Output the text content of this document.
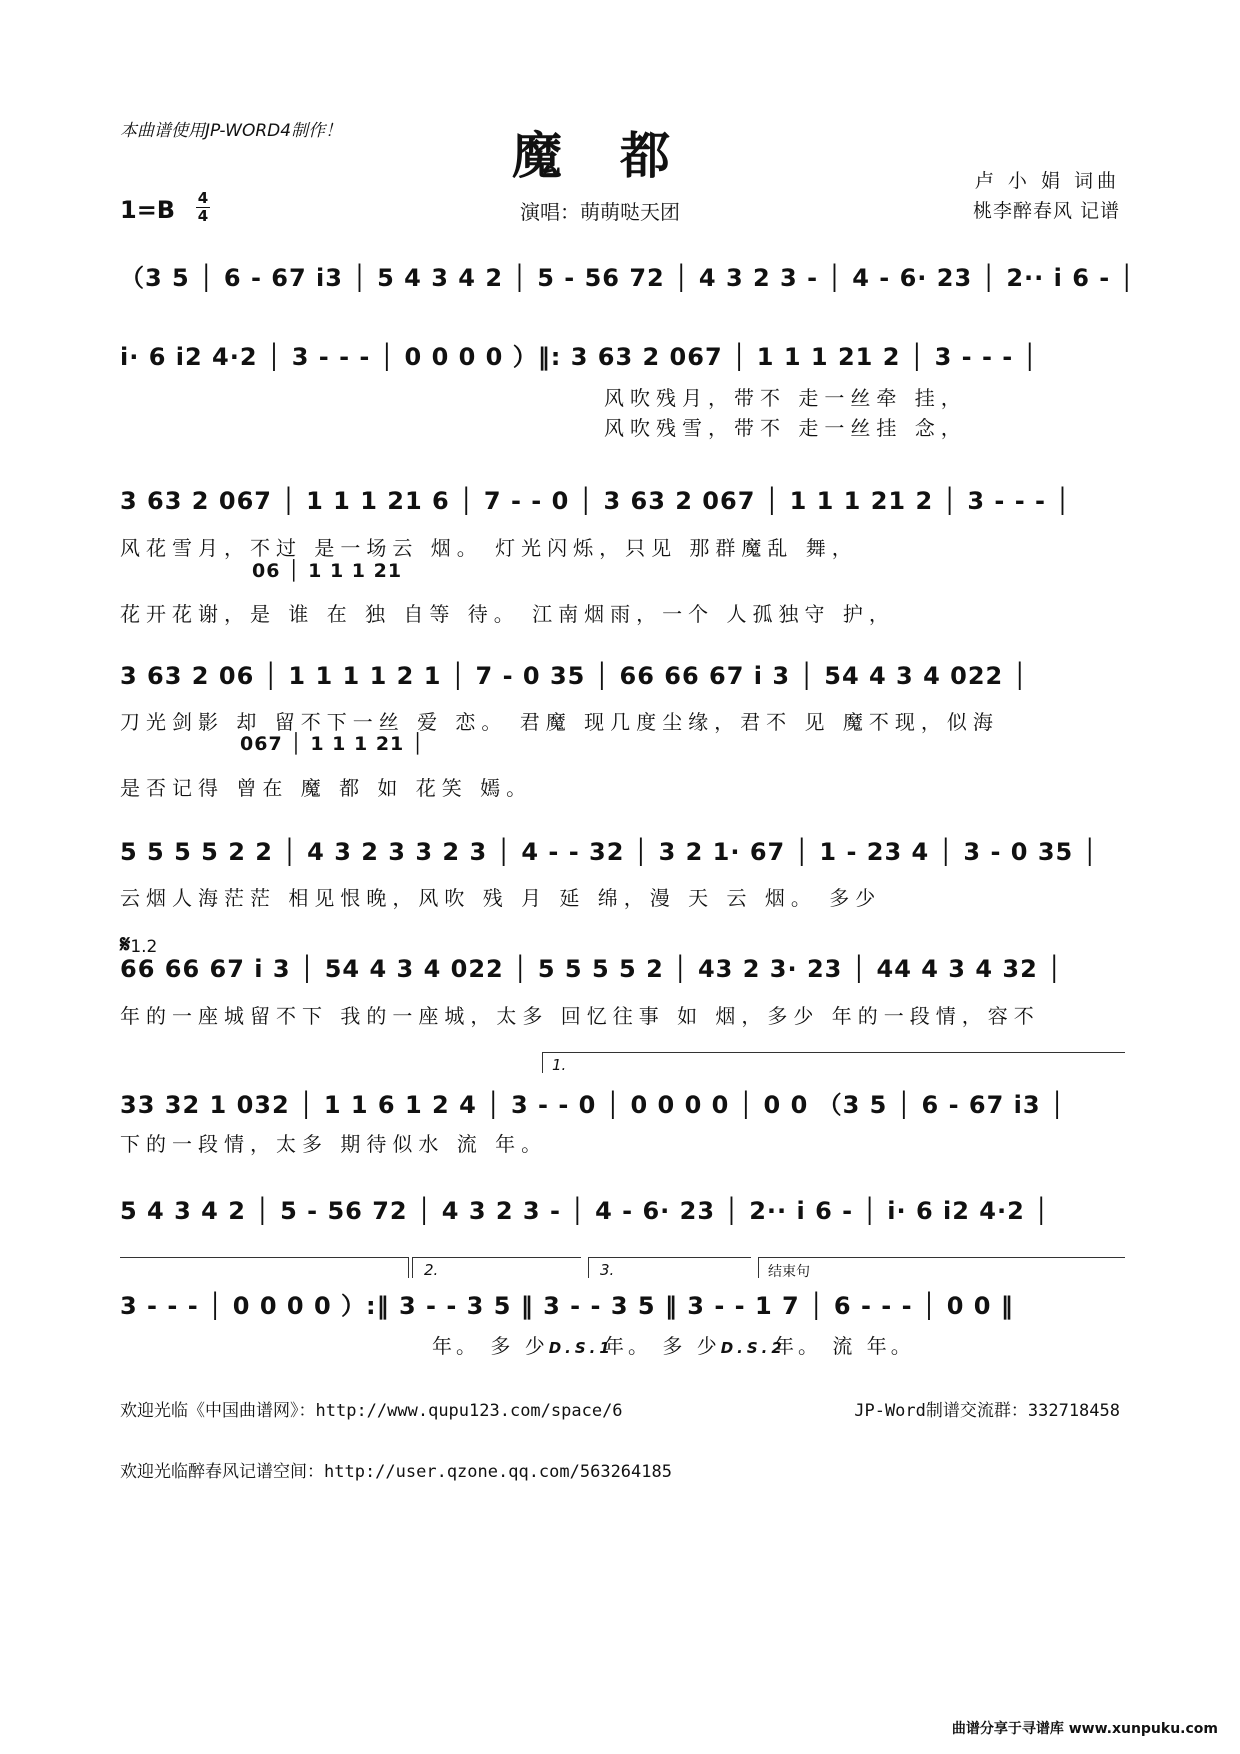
本曲谱使用JP-WORD4制作！	魔都	卢 小 娟 词曲
桃李醉春风 记谱
1=B 4
4	演唱：萌萌哒天团
（3 5 │ 6 - 67 i3 │ 5 4 3 4 2 │ 5 - 56 72 │ 4 3 2 3 - │ 4 - 6· 23 │ 2·· i 6 - │
i· 6 i2 4·2 │ 3 - - - │ 0 0 0 0 ）‖: 3 63 2 067 │ 1 1 1 21 2 │ 3 - - - │
风吹残月，带不 走一丝牵 挂，
风吹残雪，带不 走一丝挂 念，
3 63 2 067 │ 1 1 1 21 6 │ 7 - - 0 │ 3 63 2 067 │ 1 1 1 21 2 │ 3 - - - │
风花雪月，不过 是一场云 烟。 灯光闪烁，只见 那群魔乱 舞，
06 │ 1 1 1 21
花开花谢，是 谁 在 独 自等 待。 江南烟雨，一个 人孤独守 护，
3 63 2 06 │ 1 1 1 1 2 1 │ 7 - 0 35 │ 66 66 67 i 3 │ 54 4 3 4 022 │
刀光剑影 却 留不下一丝 爱 恋。 君魔 现几度尘缘，君不 见 魔不现，似海
067 │ 1 1 1 21 │
是否记得 曾在 魔 都 如 花笑 嫣。
5 5 5 5 2 2 │ 4 3 2 3 3 2 3 │ 4 - - 32 │ 3 2 1· 67 │ 1 - 23 4 │ 3 - 0 35 │
云烟人海茫茫 相见恨晚，风吹 残 月 延 绵，漫 天 云 烟。 多少
𝄋1.2
66 66 67 i 3 │ 54 4 3 4 022 │ 5 5 5 5 2 │ 43 2 3· 23 │ 44 4 3 4 32 │
年的一座城留不下 我的一座城，太多 回忆往事 如 烟，多少 年的一段情，容不
1.
33 32 1 032 │ 1 1 6 1 2 4 │ 3 - - 0 │ 0 0 0 0 │ 0 0 （3 5 │ 6 - 67 i3 │
下的一段情，太多 期待似水 流 年。
5 4 3 4 2 │ 5 - 56 72 │ 4 3 2 3 - │ 4 - 6· 23 │ 2·· i 6 - │ i· 6 i2 4·2 │
2.	3.	结束句
3 - - - │ 0 0 0 0 ）:‖ 3 - - 3 5 ‖ 3 - - 3 5 ‖ 3 - - 1 7 │ 6 - - - │ 0 0 ‖
年。 多 少D.S.1
年。 多 少D.S.2
年。 流 年。
欢迎光临《中国曲谱网》：http://www.qupu123.com/space/6	JP-Word制谱交流群：332718458
欢迎光临醉春风记谱空间：http://user.qzone.qq.com/563264185
曲谱分享于寻谱库 www.xunpuku.com
